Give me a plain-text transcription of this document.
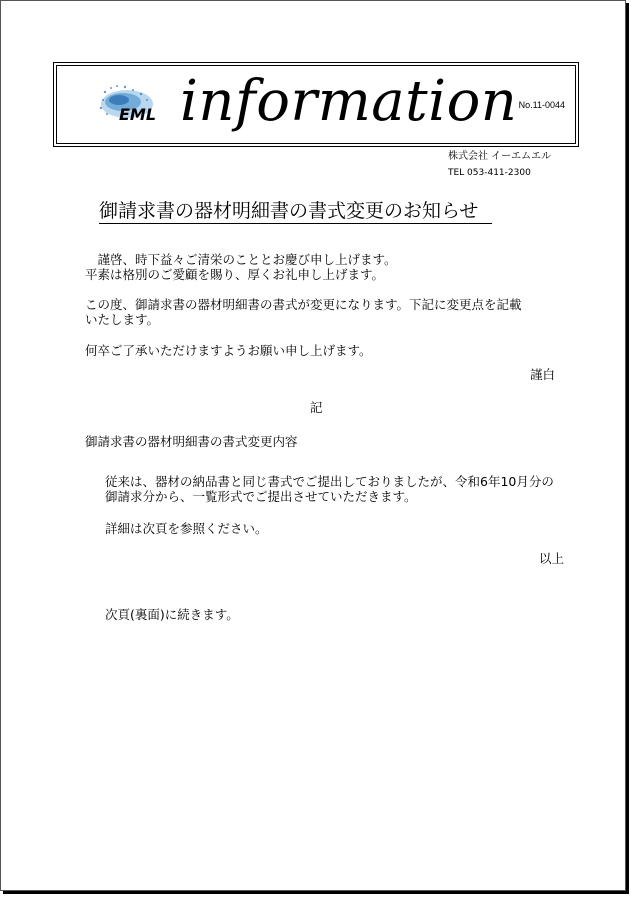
EML information No.11-0044
株式会社 イーエムエル
TEL 053-411-2300
御請求書の器材明細書の書式変更のお知らせ
　謹啓、時下益々ご清栄のこととお慶び申し上げます。
平素は格別のご愛顧を賜り、厚くお礼申し上げます。
この度、御請求書の器材明細書の書式が変更になります。下記に変更点を記載
いたします。
何卒ご了承いただけますようお願い申し上げます。
謹白
記
御請求書の器材明細書の書式変更内容
従来は、器材の納品書と同じ書式でご提出しておりましたが、令和6年10月分の
御請求分から、一覧形式でご提出させていただきます。
詳細は次頁を参照ください。
以上
次頁(裏面)に続きます。
